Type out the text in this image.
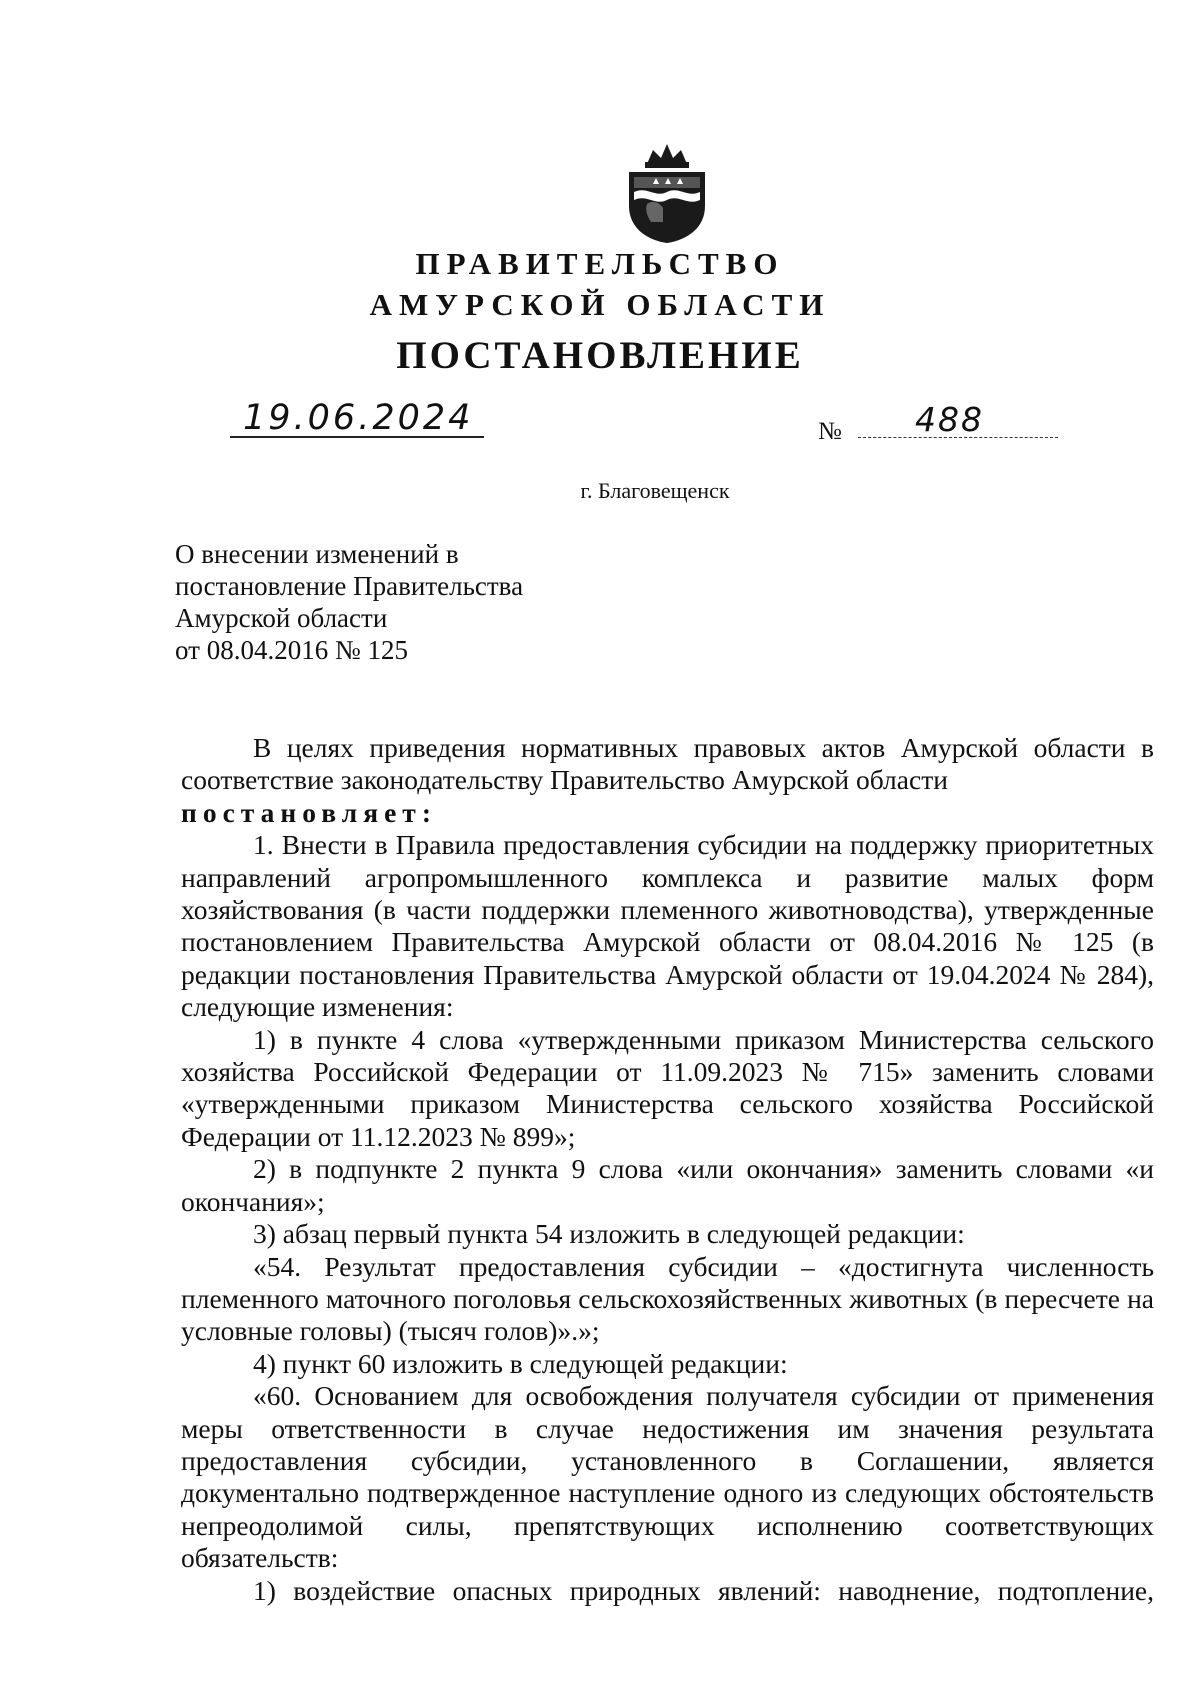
ПРАВИТЕЛЬСТВО
АМУРСКОЙ ОБЛАСТИ
ПОСТАНОВЛЕНИЕ
19.06.2024	№ 488
г. Благовещенск
О внесении изменений в
постановление Правительства
Амурской области
от 08.04.2016 № 125

В целях приведения нормативных правовых актов Амурской области в соответствие законодательству Правительство Амурской области

постановляет:

1. Внести в Правила предоставления субсидии на поддержку приоритетных направлений агропромышленного комплекса и развитие малых форм хозяйствования (в части поддержки племенного животноводства), утвержденные постановлением Правительства Амурской области от 08.04.2016 № 125 (в редакции постановления Правительства Амурской области от 19.04.2024 № 284), следующие изменения:

1) в пункте 4 слова «утвержденными приказом Министерства сельского хозяйства Российской Федерации от 11.09.2023 № 715» заменить словами «утвержденными приказом Министерства сельского хозяйства Российской Федерации от 11.12.2023 № 899»;

2) в подпункте 2 пункта 9 слова «или окончания» заменить словами «и окончания»;

3) абзац первый пункта 54 изложить в следующей редакции:

«54. Результат предоставления субсидии – «достигнута численность племенного маточного поголовья сельскохозяйственных животных (в пересчете на условные головы) (тысяч голов)».»;

4) пункт 60 изложить в следующей редакции:

«60. Основанием для освобождения получателя субсидии от применения меры ответственности в случае недостижения им значения результата предоставления субсидии, установленного в Соглашении, является документально подтвержденное наступление одного из следующих обстоятельств непреодолимой силы, препятствующих исполнению соответствующих обязательств:

1) воздействие опасных природных явлений: наводнение, подтопление,
